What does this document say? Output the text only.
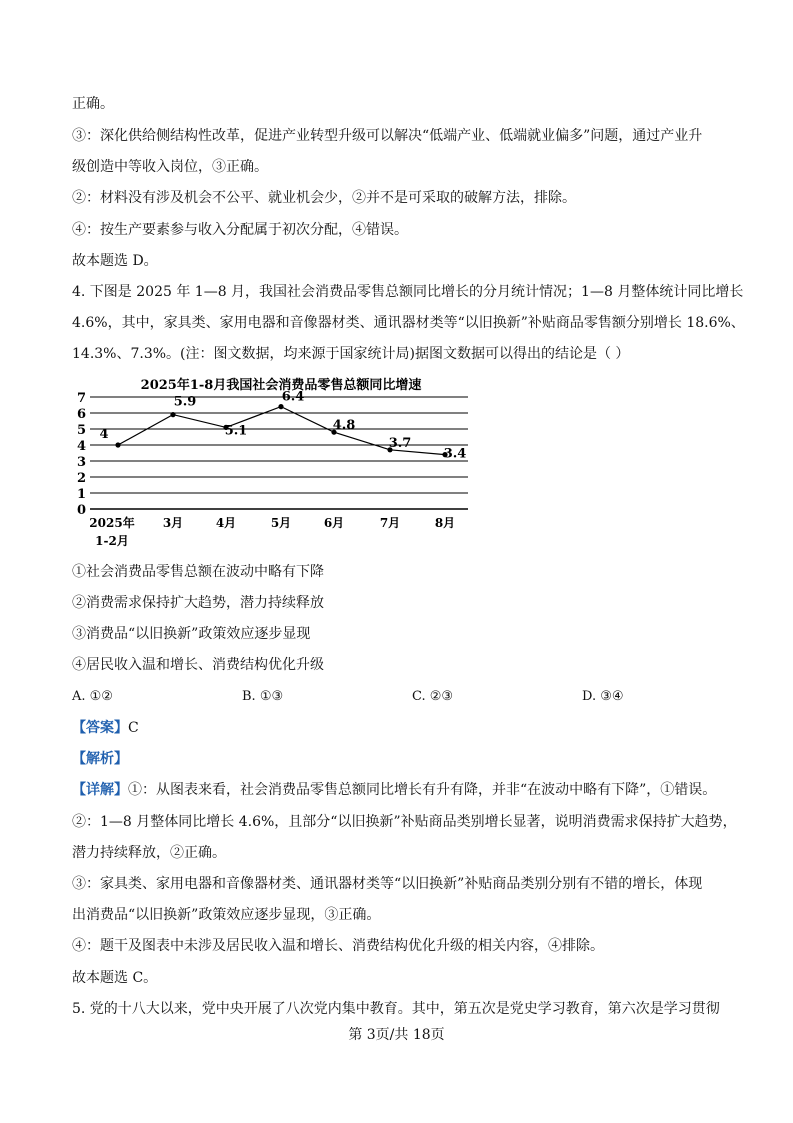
正确。
③：深化供给侧结构性改革，促进产业转型升级可以解决“低端产业、低端就业偏多”问题，通过产业升
级创造中等收入岗位，③正确。
②：材料没有涉及机会不公平、就业机会少，②并不是可采取的破解方法，排除。
④：按生产要素参与收入分配属于初次分配，④错误。
故本题选 D。
4. 下图是 2025 年 1—8 月，我国社会消费品零售总额同比增长的分月统计情况；1—8 月整体统计同比增长
4.6%，其中，家具类、家用电器和音像器材类、通讯器材类等“以旧换新”补贴商品零售额分别增长 18.6%、
14.3%、7.3%。(注：图文数据，均来源于国家统计局)据图文数据可以得出的结论是（ ）
2025年1-8月我国社会消费品零售总额同比增速
0
1
2
3
4
5
6
7
4
5.9
5.1
6.4
4.8
3.7
3.4
2025年
1-2月
3月	4月	5月	6月	7月	8月
①社会消费品零售总额在波动中略有下降
②消费需求保持扩大趋势，潜力持续释放
③消费品“以旧换新”政策效应逐步显现
④居民收入温和增长、消费结构优化升级
A. ①②	B. ①③	C. ②③	D. ③④
【答案】C
【解析】
【详解】①：从图表来看，社会消费品零售总额同比增长有升有降，并非“在波动中略有下降”，①错误。
②：1—8 月整体同比增长 4.6%，且部分“以旧换新”补贴商品类别增长显著，说明消费需求保持扩大趋势，
潜力持续释放，②正确。
③：家具类、家用电器和音像器材类、通讯器材类等“以旧换新”补贴商品类别分别有不错的增长，体现
出消费品“以旧换新”政策效应逐步显现，③正确。
④：题干及图表中未涉及居民收入温和增长、消费结构优化升级的相关内容，④排除。
故本题选 C。
5. 党的十八大以来，党中央开展了八次党内集中教育。其中，第五次是党史学习教育，第六次是学习贯彻
第 3页/共 18页
